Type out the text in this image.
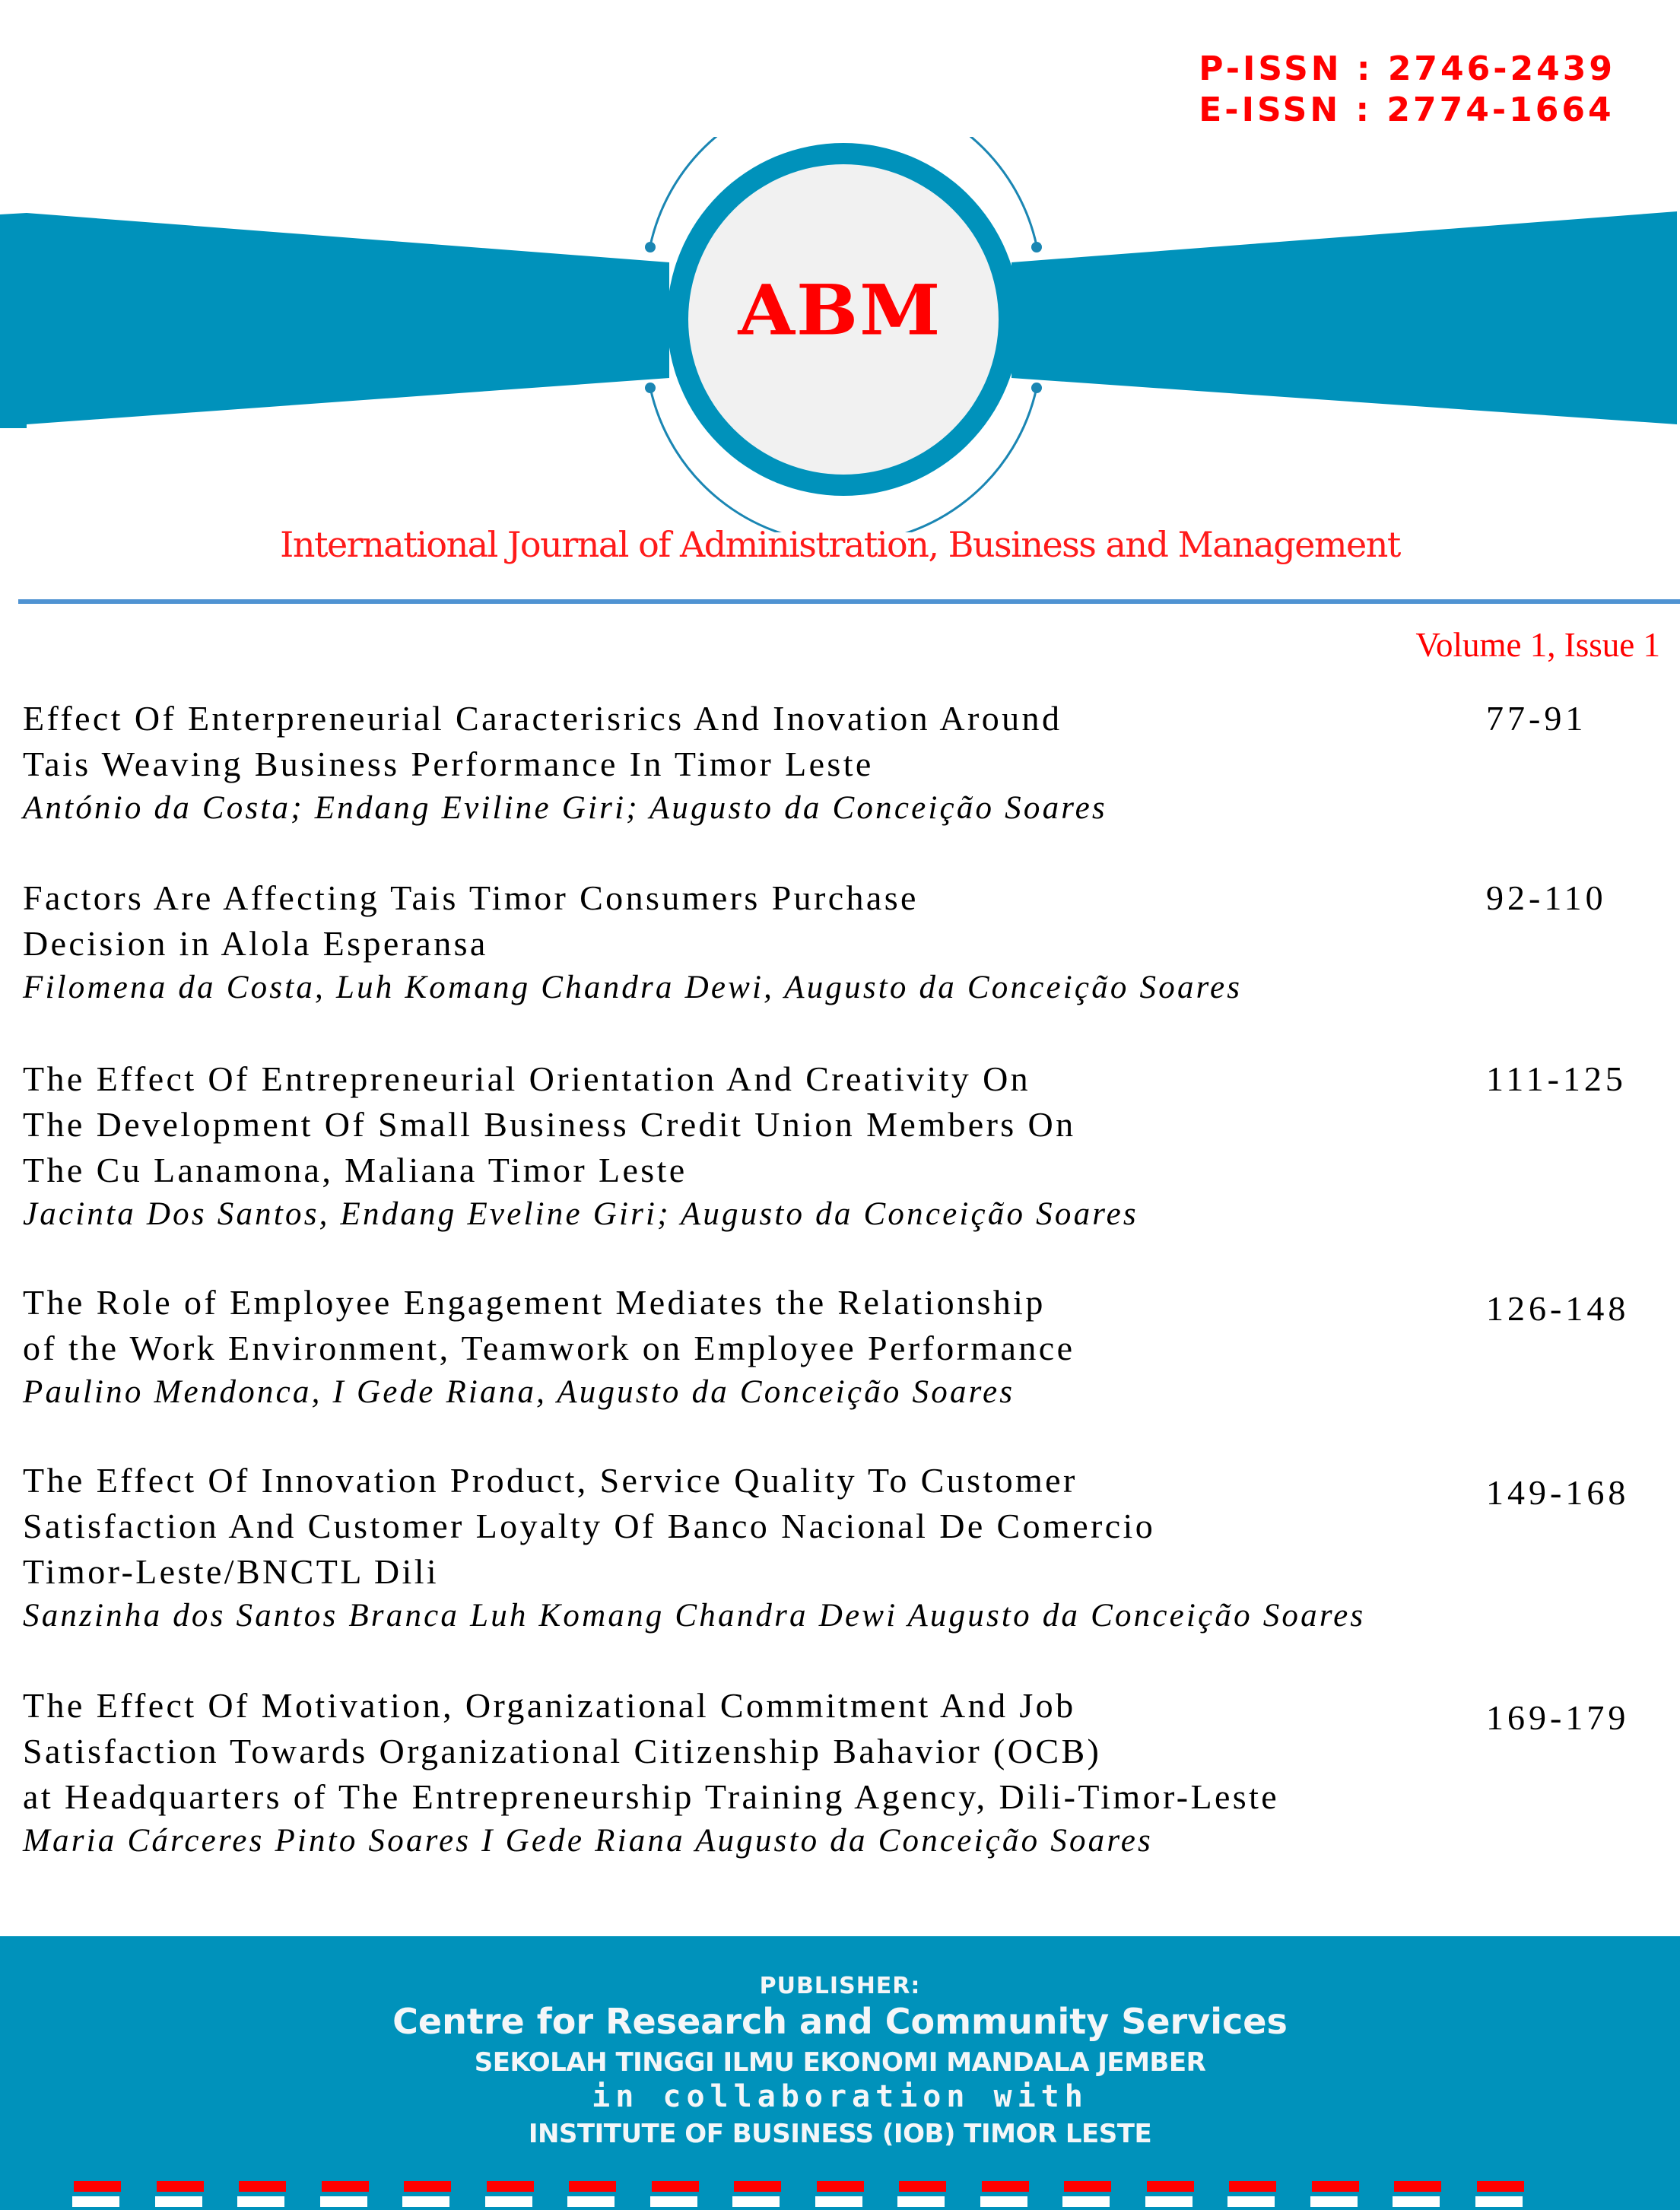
P-ISSN : 2746-2439
E-ISSN : 2774-1664
ABM
International Journal of Administration, Business and Management
Volume 1, Issue 1
Effect Of Enterpreneurial Caracterisrics And Inovation Around
Tais Weaving Business Performance In Timor Leste
António da Costa; Endang Eviline Giri; Augusto da Conceição Soares
77-91
Factors Are Affecting Tais Timor Consumers Purchase
Decision in Alola Esperansa
Filomena da Costa, Luh Komang Chandra Dewi, Augusto da Conceição Soares
92-110
The Effect Of Entrepreneurial Orientation And Creativity On
The Development Of Small Business Credit Union Members On
The Cu Lanamona, Maliana Timor Leste
Jacinta Dos Santos, Endang Eveline Giri; Augusto da Conceição Soares
111-125
The Role of Employee Engagement Mediates the Relationship
of the Work Environment, Teamwork on Employee Performance
Paulino Mendonca, I Gede Riana, Augusto da Conceição Soares
126-148
The Effect Of Innovation Product, Service Quality To Customer
Satisfaction And Customer Loyalty Of Banco Nacional De Comercio
Timor-Leste/BNCTL Dili
Sanzinha dos Santos Branca Luh Komang Chandra Dewi Augusto da Conceição Soares
149-168
The Effect Of Motivation, Organizational Commitment And Job
Satisfaction Towards Organizational Citizenship Bahavior (OCB)
at Headquarters of The Entrepreneurship Training Agency, Dili-Timor-Leste
Maria Cárceres Pinto Soares I Gede Riana Augusto da Conceição Soares
169-179
PUBLISHER:
Centre for Research and Community Services
SEKOLAH TINGGI ILMU EKONOMI MANDALA JEMBER
in collaboration with
INSTITUTE OF BUSINESS (IOB) TIMOR LESTE
